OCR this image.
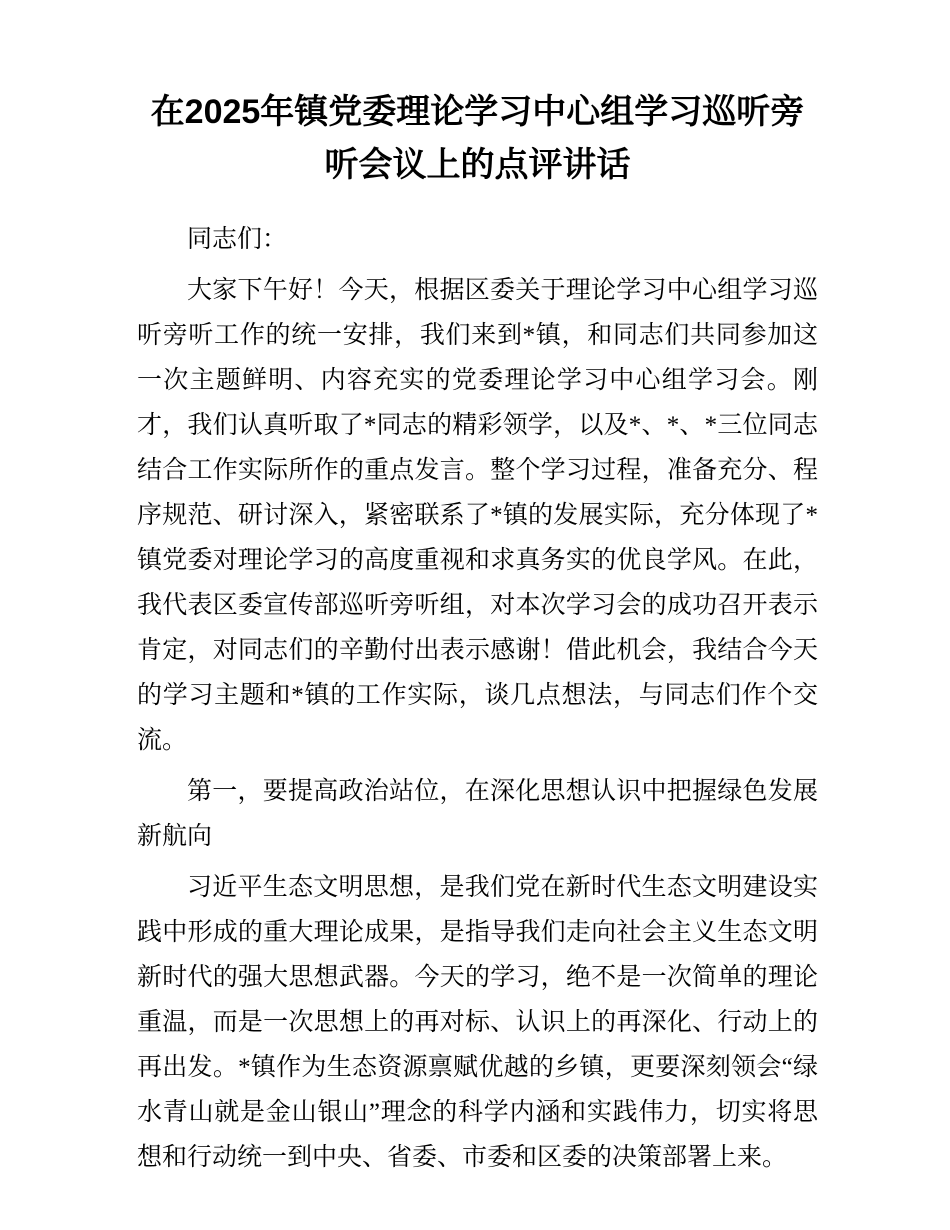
在2025年镇党委理论学习中心组学习巡听旁听会议上的点评讲话

同志们：

大家下午好！今天，根据区委关于理论学习中心组学习巡听旁听工作的统一安排，我们来到*镇，和同志们共同参加这一次主题鲜明、内容充实的党委理论学习中心组学习会。刚才，我们认真听取了*同志的精彩领学，以及*、*、*三位同志结合工作实际所作的重点发言。整个学习过程，准备充分、程序规范、研讨深入，紧密联系了*镇的发展实际，充分体现了*镇党委对理论学习的高度重视和求真务实的优良学风。在此，我代表区委宣传部巡听旁听组，对本次学习会的成功召开表示肯定，对同志们的辛勤付出表示感谢！借此机会，我结合今天的学习主题和*镇的工作实际，谈几点想法，与同志们作个交流。

第一，要提高政治站位，在深化思想认识中把握绿色发展新航向

习近平生态文明思想，是我们党在新时代生态文明建设实践中形成的重大理论成果，是指导我们走向社会主义生态文明新时代的强大思想武器。今天的学习，绝不是一次简单的理论重温，而是一次思想上的再对标、认识上的再深化、行动上的再出发。*镇作为生态资源禀赋优越的乡镇，更要深刻领会“绿水青山就是金山银山”理念的科学内涵和实践伟力，切实将思想和行动统一到中央、省委、市委和区委的决策部署上来。
